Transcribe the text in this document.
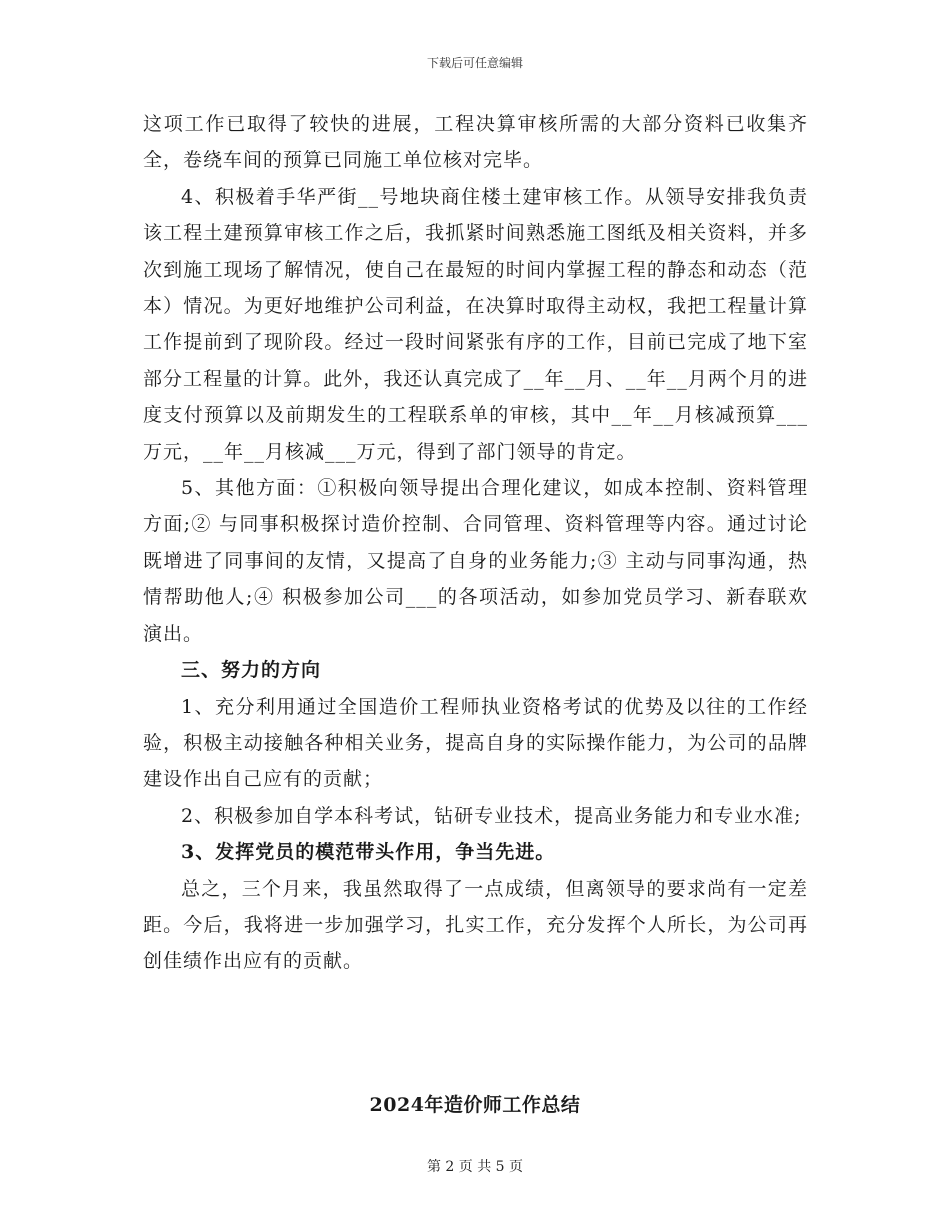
下载后可任意编辑

这项工作已取得了较快的进展，工程决算审核所需的大部分资料已收集齐全，卷绕车间的预算已同施工单位核对完毕。

4、积极着手华严街__号地块商住楼土建审核工作。从领导安排我负责该工程土建预算审核工作之后，我抓紧时间熟悉施工图纸及相关资料，并多次到施工现场了解情况，使自己在最短的时间内掌握工程的静态和动态（范本）情况。为更好地维护公司利益，在决算时取得主动权，我把工程量计算工作提前到了现阶段。经过一段时间紧张有序的工作，目前已完成了地下室部分工程量的计算。此外，我还认真完成了__年__月、__年__月两个月的进度支付预算以及前期发生的工程联系单的审核，其中__年__月核减预算___万元，__年__月核减___万元，得到了部门领导的肯定。

5、其他方面：①积极向领导提出合理化建议，如成本控制、资料管理方面;② 与同事积极探讨造价控制、合同管理、资料管理等内容。通过讨论既增进了同事间的友情，又提高了自身的业务能力;③ 主动与同事沟通，热情帮助他人;④ 积极参加公司___的各项活动，如参加党员学习、新春联欢演出。

三、努力的方向

1、充分利用通过全国造价工程师执业资格考试的优势及以往的工作经验，积极主动接触各种相关业务，提高自身的实际操作能力，为公司的品牌建设作出自己应有的贡献；

2、积极参加自学本科考试，钻研专业技术，提高业务能力和专业水准;

3、发挥党员的模范带头作用，争当先进。

总之，三个月来，我虽然取得了一点成绩，但离领导的要求尚有一定差距。今后，我将进一步加强学习，扎实工作，充分发挥个人所长，为公司再创佳绩作出应有的贡献。

2024年造价师工作总结
第 2 页 共 5 页
